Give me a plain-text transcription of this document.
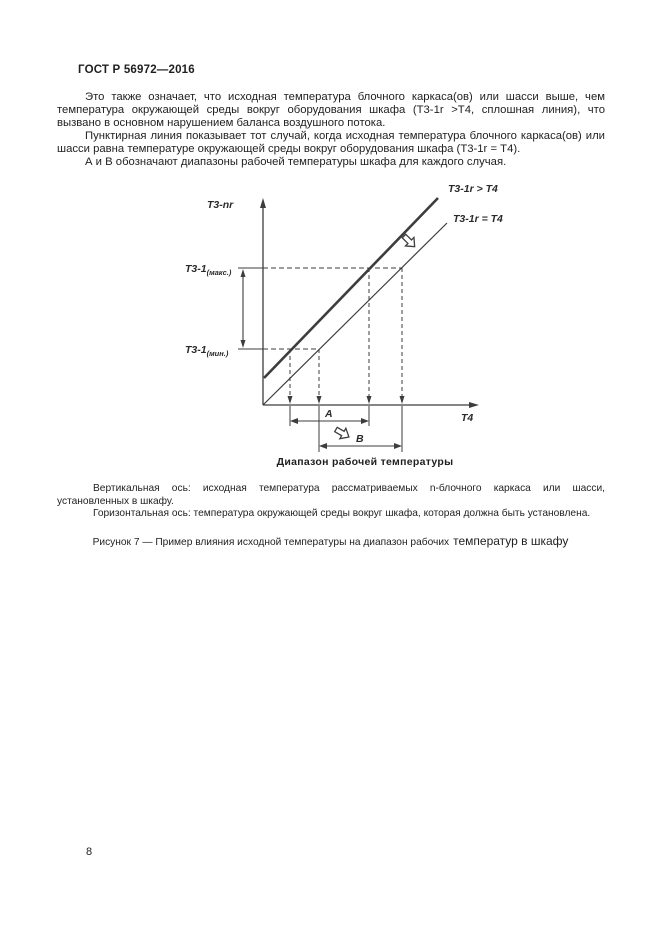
ГОСТ Р 56972—2016

Это также означает, что исходная температура блочного каркаса(ов) или шасси выше, чем температура окружающей среды вокруг оборудования шкафа (Т3-1r >Т4, сплошная линия), что вызвано в основном нарушением баланса воздушного потока.

Пунктирная линия показывает тот случай, когда исходная температура блочного каркаса(ов) или шасси равна температуре окружающей среды вокруг оборудования шкафа (Т3-1r = Т4).

А и В обозначают диапазоны рабочей температуры шкафа для каждого случая.

Т3-nr
Т3-1r > Т4
Т3-1r = Т4
Т3-1(макс.)
Т3-1(мин.)
А
В
Т4
Диапазон рабочей температуры

Вертикальная ось: исходная температура рассматриваемых n-блочного каркаса или шасси, установленных в шкафу.

Горизонтальная ось: температура окружающей среды вокруг шкафа, которая должна быть установлена.

Рисунок 7 — Пример влияния исходной температуры на диапазон рабочих температур в шкафу
8
